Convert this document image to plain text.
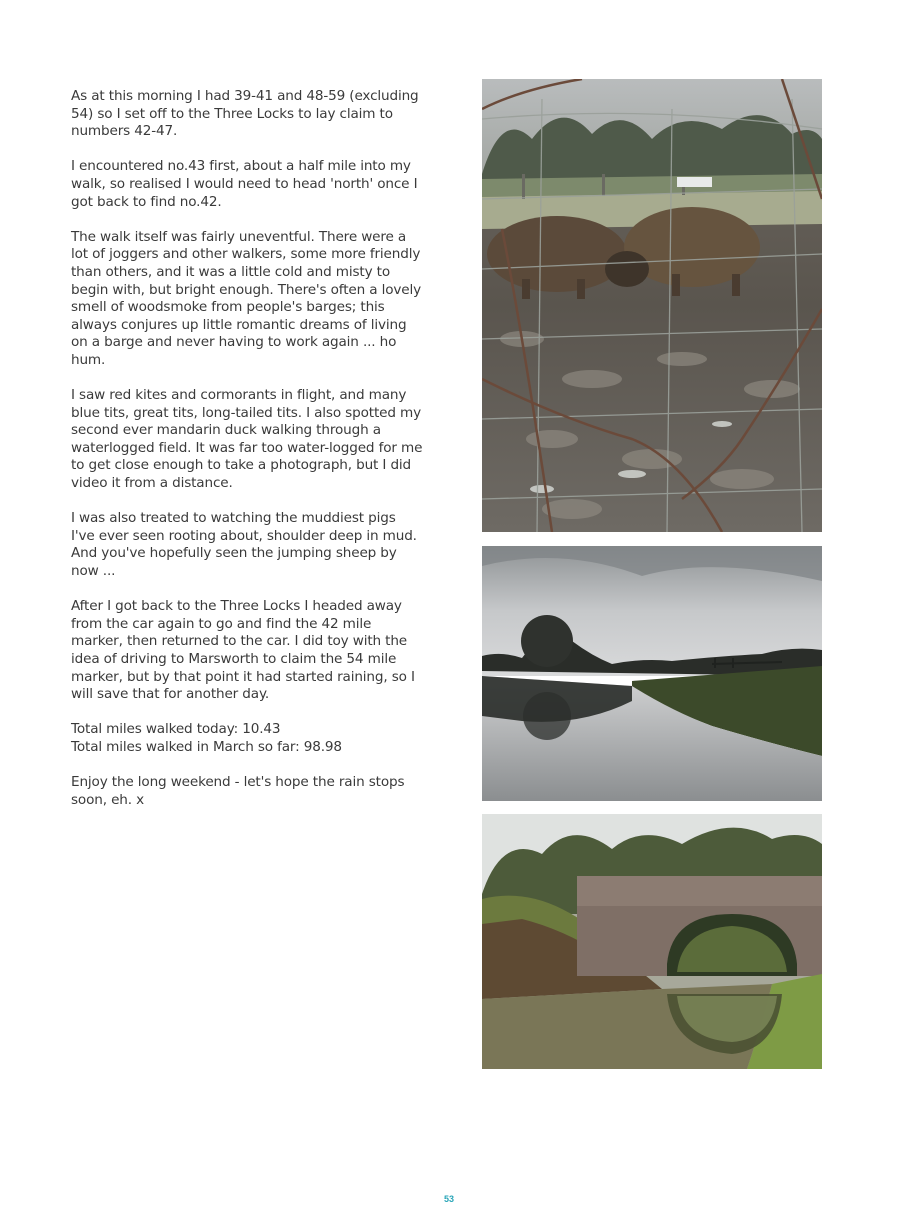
As at this morning I had 39-41 and 48-59 (excluding 54) so I set off to the Three Locks to lay claim to numbers 42-47.

I encountered no.43 first, about a half mile into my walk, so realised I would need to head 'north' once I got back to find no.42.

The walk itself was fairly uneventful. There were a lot of joggers and other walkers, some more friendly than others, and it was a little cold and misty to begin with, but bright enough. There's often a lovely smell of woodsmoke from people's barges; this always conjures up little romantic dreams of living on a barge and never having to work again ... ho hum.

I saw red kites and cormorants in flight, and many blue tits, great tits, long-tailed tits. I also spotted my second ever mandarin duck walking through a waterlogged field. It was far too water-logged for me to get close enough to take a photograph, but I did video it from a distance.

I was also treated to watching the muddiest pigs I've ever seen rooting about, shoulder deep in mud. And you've hopefully seen the jumping sheep by now ...

After I got back to the Three Locks I headed away from the car again to go and find the 42 mile marker, then returned to the car. I did toy with the idea of driving to Marsworth to claim the 54 mile marker, but by that point it had started raining, so I will save that for another day.

Total miles walked today: 10.43

Total miles walked in March so far: 98.98

Enjoy the long weekend - let's hope the rain stops soon, eh. x

53
